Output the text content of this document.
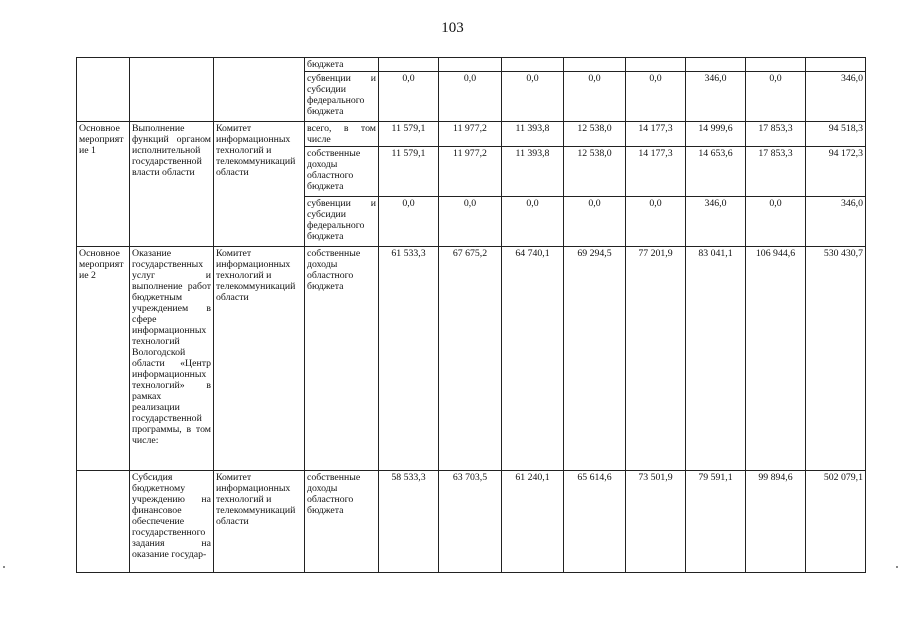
103
			бюджета								
			субвенции и субсидии федерального бюджета	0,0	0,0	0,0	0,0	0,0	346,0	0,0	346,0
Основное мероприятие 1	Выполнение функций органом исполнительной государственной власти области	Комитет информационных технологий и телекоммуникаций области	всего, в том числе	11 579,1	11 977,2	11 393,8	12 538,0	14 177,3	14 999,6	17 853,3	94 518,3
			собственные доходы областного бюджета	11 579,1	11 977,2	11 393,8	12 538,0	14 177,3	14 653,6	17 853,3	94 172,3
			субвенции и субсидии федерального бюджета	0,0	0,0	0,0	0,0	0,0	346,0	0,0	346,0
Основное мероприятие 2	Оказание государственных услуг и выполнение работ бюджетным учреждением в сфере информационных технологий Вологодской области «Центр информационных технологий» в рамках реализации государственной программы, в том числе:	Комитет информационных технологий и телекоммуникаций области	собственные доходы областного бюджета	61 533,3	67 675,2	64 740,1	69 294,5	77 201,9	83 041,1	106 944,6	530 430,7
	Субсидия бюджетному учреждению на финансовое обеспечение государственного задания на оказание государ-	Комитет информационных технологий и телекоммуникаций области	собственные доходы областного бюджета	58 533,3	63 703,5	61 240,1	65 614,6	73 501,9	79 591,1	99 894,6	502 079,1
